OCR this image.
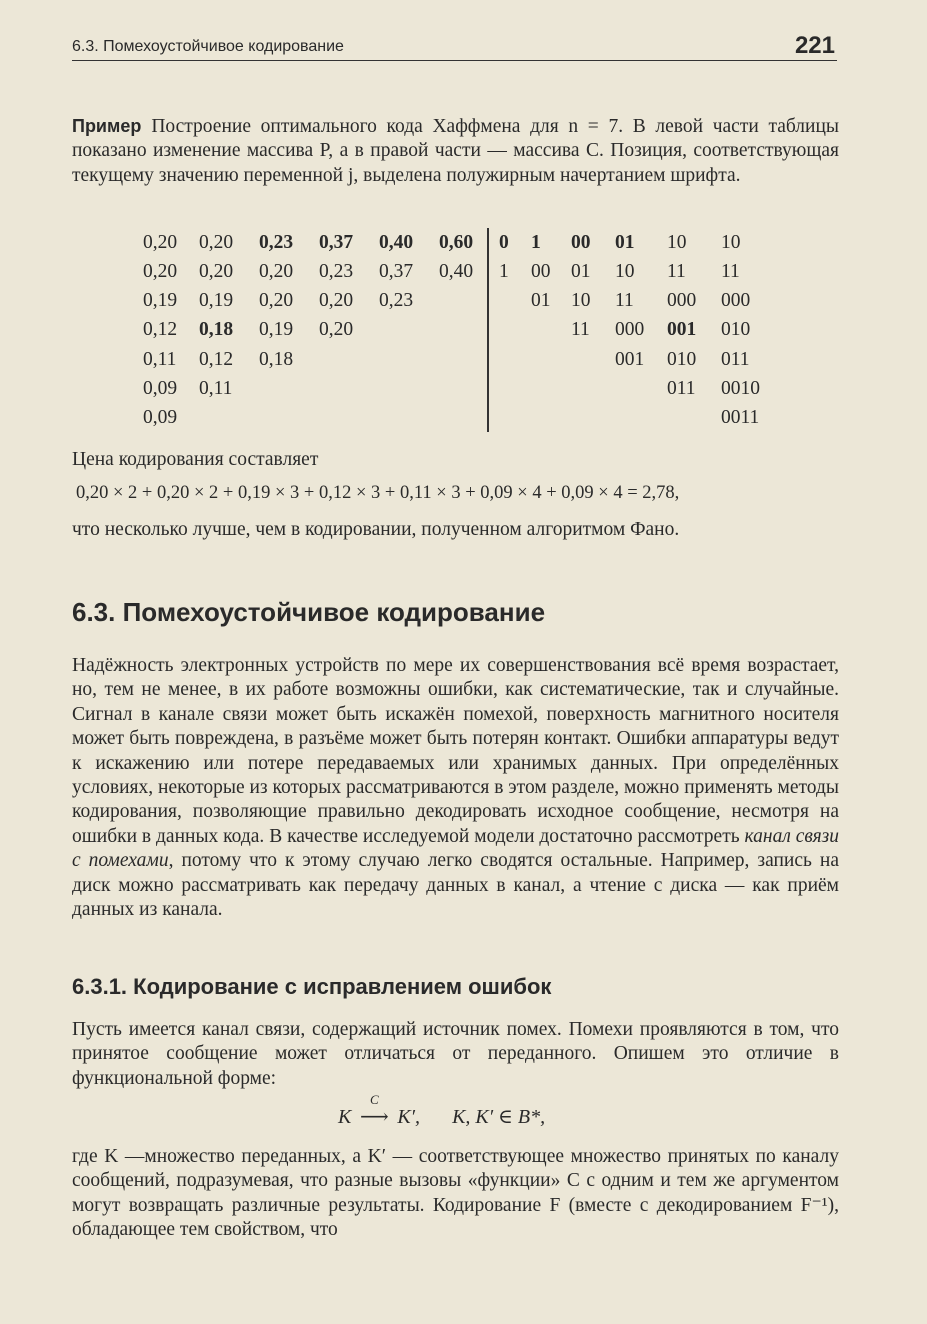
6.3. Помехоустойчивое кодирование	221

Пример Построение оптимального кода Хаффмена для n = 7. В левой части таблицы показано изменение массива P, а в правой части — массива C. Позиция, соответствующая текущему значению переменной j, выделена полужирным начертанием шрифта.

0,20 0,20 0,23 0,37 0,40 0,60
0,20 0,20 0,20 0,23 0,37 0,40
0,19 0,19 0,20 0,20 0,23
0,12 0,18 0,19 0,20
0,11 0,12 0,18
0,09 0,11
0,09
0 1 00 01 10 10
1 00 01 10 11 11
01 10 11 000 000
11 000 001 010
001 010 011
011 0010
0011

Цена кодирования составляет

0,20 × 2 + 0,20 × 2 + 0,19 × 3 + 0,12 × 3 + 0,11 × 3 + 0,09 × 4 + 0,09 × 4 = 2,78,

что несколько лучше, чем в кодировании, полученном алгоритмом Фано.

6.3. Помехоустойчивое кодирование

Надёжность электронных устройств по мере их совершенствования всё время возрастает, но, тем не менее, в их работе возможны ошибки, как систематические, так и случайные. Сигнал в канале связи может быть искажён помехой, поверхность магнитного носителя может быть повреждена, в разъёме может быть потерян контакт. Ошибки аппаратуры ведут к искажению или потере передаваемых или хранимых данных. При определённых условиях, некоторые из которых рассматриваются в этом разделе, можно применять методы кодирования, позволяющие правильно декодировать исходное сообщение, несмотря на ошибки в данных кода. В качестве исследуемой модели достаточно рассмотреть канал связи с помехами, потому что к этому случаю легко сводятся остальные. Например, запись на диск можно рассматривать как передачу данных в канал, а чтение с диска — как приём данных из канала.

6.3.1. Кодирование с исправлением ошибок

Пусть имеется канал связи, содержащий источник помех. Помехи проявляются в том, что принятое сообщение может отличаться от переданного. Опишем это отличие в функциональной форме:

K
C
⟶ K′, K, K′ ∈ B*,

где K —множество переданных, а K′ — соответствующее множество принятых по каналу сообщений, подразумевая, что разные вызовы «функции» C с одним и тем же аргументом могут возвращать различные результаты. Кодирование F (вместе с декодированием F⁻¹), обладающее тем свойством, что
